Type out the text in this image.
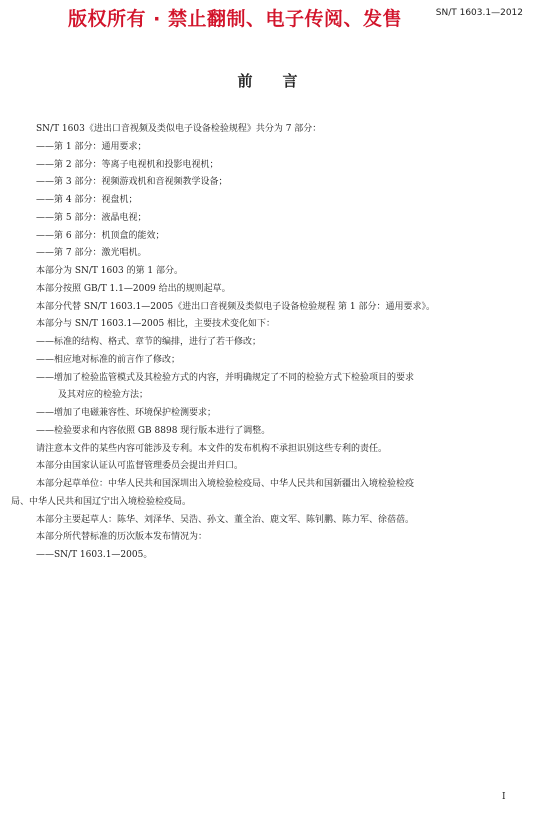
SN/T 1603.1—2012
版权所有 · 禁止翻制、电子传阅、发售
前言
SN/T 1603《进出口音视频及类似电子设备检验规程》共分为 7 部分：
——第 1 部分：通用要求；
——第 2 部分：等离子电视机和投影电视机；
——第 3 部分：视频游戏机和音视频教学设备；
——第 4 部分：视盘机；
——第 5 部分：液晶电视；
——第 6 部分：机顶盒的能效；
——第 7 部分：激光唱机。
本部分为 SN/T 1603 的第 1 部分。
本部分按照 GB/T 1.1—2009 给出的规则起草。
本部分代替 SN/T 1603.1—2005《进出口音视频及类似电子设备检验规程 第 1 部分：通用要求》。
本部分与 SN/T 1603.1—2005 相比，主要技术变化如下：
——标准的结构、格式、章节的编排，进行了若干修改；
——相应地对标准的前言作了修改；
——增加了检验监管模式及其检验方式的内容，并明确规定了不同的检验方式下检验项目的要求
及其对应的检验方法；
——增加了电磁兼容性、环境保护检测要求；
——检验要求和内容依照 GB 8898 现行版本进行了调整。
请注意本文件的某些内容可能涉及专利。本文件的发布机构不承担识别这些专利的责任。
本部分由国家认证认可监督管理委员会提出并归口。
本部分起草单位：中华人民共和国深圳出入境检验检疫局、中华人民共和国新疆出入境检验检疫
局、中华人民共和国辽宁出入境检验检疫局。
本部分主要起草人：陈华、刘泽华、吴浩、孙文、董全治、鹿文军、陈钊鹏、陈力军、徐蓓蓓。
本部分所代替标准的历次版本发布情况为：
——SN/T 1603.1—2005。
I
